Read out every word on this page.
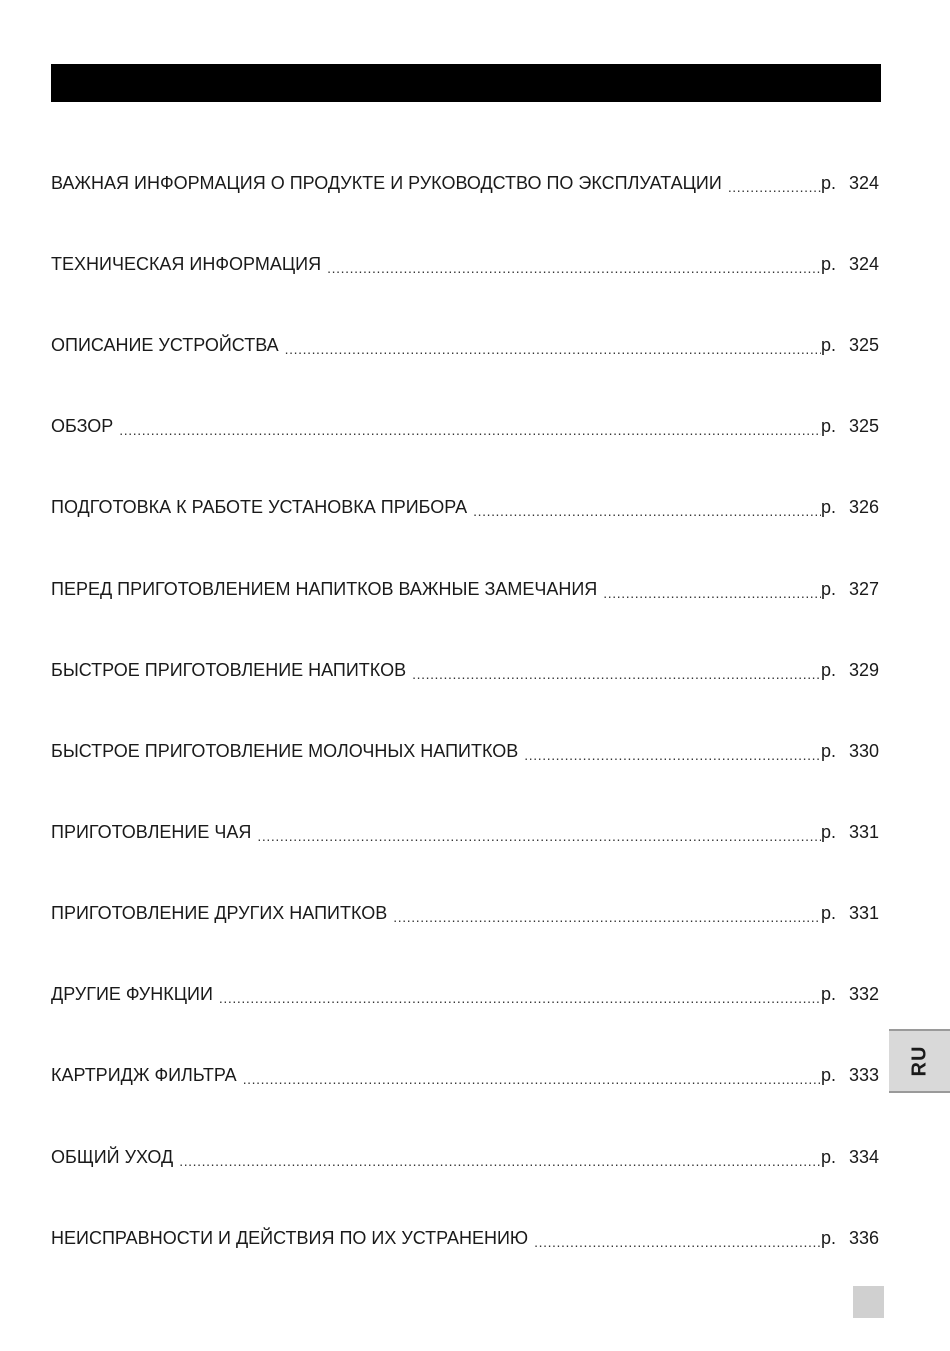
ВАЖНАЯ ИНФОРМАЦИЯ О ПРОДУКТЕ И РУКОВОДСТВО ПО ЭКСПЛУАТАЦИИ .....	p. 324
ТЕХНИЧЕСКАЯ ИНФОРМАЦИЯ .....	p. 324
ОПИСАНИЕ УСТРОЙСТВА .....	p. 325
ОБЗОР .....	p. 325
ПОДГОТОВКА К РАБОТЕ УСТАНОВКА ПРИБОРА .....	p. 326
ПЕРЕД ПРИГОТОВЛЕНИЕМ НАПИТКОВ ВАЖНЫЕ ЗАМЕЧАНИЯ .....	p. 327
БЫСТРОЕ ПРИГОТОВЛЕНИЕ НАПИТКОВ .....	p. 329
БЫСТРОЕ ПРИГОТОВЛЕНИЕ МОЛОЧНЫХ НАПИТКОВ .....	p. 330
ПРИГОТОВЛЕНИЕ ЧАЯ .....	p. 331
ПРИГОТОВЛЕНИЕ ДРУГИХ НАПИТКОВ .....	p. 331
ДРУГИЕ ФУНКЦИИ .....	p. 332
КАРТРИДЖ ФИЛЬТРА .....	p. 333
ОБЩИЙ УХОД .....	p. 334
НЕИСПРАВНОСТИ И ДЕЙСТВИЯ ПО ИХ УСТРАНЕНИЮ .....	p. 336
RU
